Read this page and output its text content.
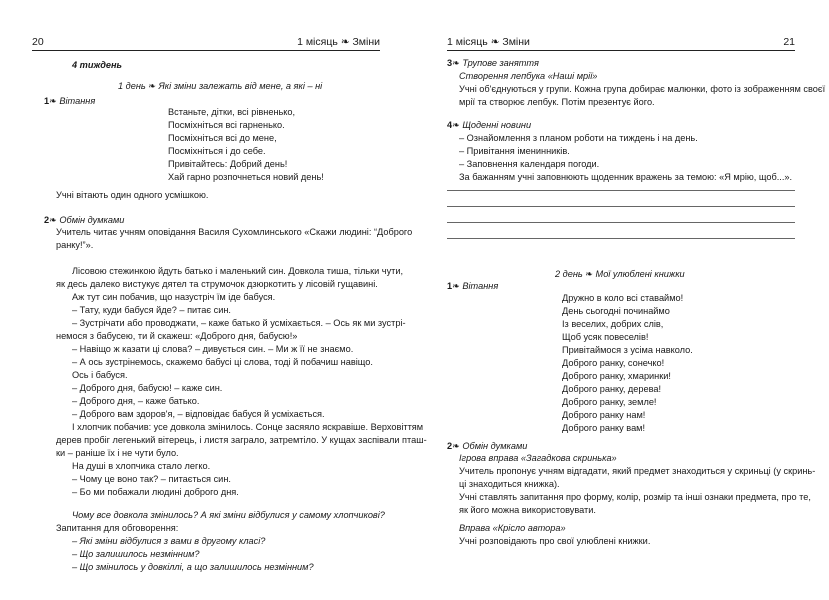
20	1 місяць ❧ Зміни
4 тиждень
1 день ❧ Які зміни залежать від мене, а які – ні
1❧ Вітання
Встаньте, дітки, всі рівненько,
Посміхніться всі гарненько.
Посміхніться всі до мене,
Посміхніться і до себе.
Привітайтесь: Добрий день!
Хай гарно розпочнеться новий день!
Учні вітають один одного усмішкою.
2❧ Обмін думками
Учитель читає учням оповідання Василя Сухомлинського «Скажи людині: “Доброго
ранку!”».
Лісовою стежинкою йдуть батько і маленький син. Довкола тиша, тільки чути,
як десь далеко вистукує дятел та струмочок дзюркотить у лісовій гущавині.
Аж тут син побачив, що назустріч їм іде бабуся.
– Тату, куди бабуся йде? – питає син.
– Зустрічати або проводжати, – каже батько й усміхається. – Ось як ми зустрі-
немося з бабусею, ти й скажеш: «Доброго дня, бабусю!»
– Навіщо ж казати ці слова? – дивується син. – Ми ж її не знаємо.
– А ось зустрінемось, скажемо бабусі ці слова, тоді й побачиш навіщо.
Ось і бабуся.
– Доброго дня, бабусю! – каже син.
– Доброго дня, – каже батько.
– Доброго вам здоров'я, – відповідає бабуся й усміхається.
І хлопчик побачив: усе довкола змінилось. Сонце засяяло яскравіше. Верховіттям
дерев пробіг легенький вітерець, і листя заграло, затремтіло. У кущах заспівали пташ-
ки – раніше їх і не чути було.
На душі в хлопчика стало легко.
– Чому це воно так? – питається син.
– Бо ми побажали людині доброго дня.
Чому все довкола змінилось? А які зміни відбулися у самому хлопчикові?
Запитання для обговорення:
– Які зміни відбулися з вами в другому класі?
– Що залишилось незмінним?
– Що змінилось у довкіллі, а що залишилось незмінним?
1 місяць ❧ Зміни	21
3❧ Трупове заняття
Створення лепбука «Наші мрії»
Учні об'єднуються у групи. Кожна група добирає малюнки, фото із зображенням своєї
мрії та створює лепбук. Потім презентує його.
4❧ Щоденні новини
– Ознайомлення з планом роботи на тиждень і на день.
– Привітання іменинників.
– Заповнення календаря погоди.
За бажанням учні заповнюють щоденник вражень за темою: «Я мрію, щоб...».
2 день ❧ Мої улюблені книжки
1❧ Вітання
Дружно в коло всі ставаймо!
День сьогодні починаймо
Із веселих, добрих слів,
Щоб усяк повеселів!
Привітаймося з усіма навколо.
Доброго ранку, сонечко!
Доброго ранку, хмаринки!
Доброго ранку, дерева!
Доброго ранку, земле!
Доброго ранку нам!
Доброго ранку вам!
2❧ Обмін думками
Ігрова вправа «Загадкова скринька»
Учитель пропонує учням відгадати, який предмет знаходиться у скриньці (у скринь-
ці знаходиться книжка).
Учні ставлять запитання про форму, колір, розмір та інші ознаки предмета, про те,
як його можна використовувати.
Вправа «Крісло автора»
Учні розповідають про свої улюблені книжки.
